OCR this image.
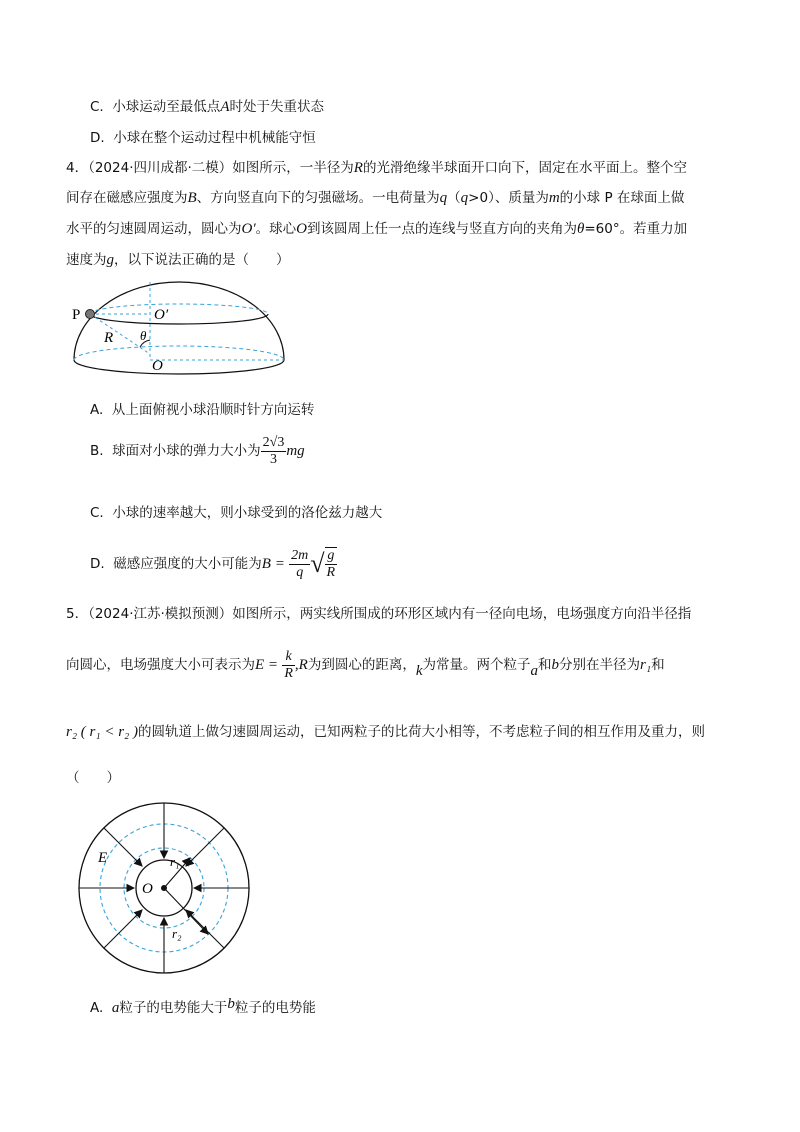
C. 小球运动至最低点A时处于失重状态
D. 小球在整个运动过程中机械能守恒
4．（2024·四川成都·二模）如图所示，一半径为R的光滑绝缘半球面开口向下，固定在水平面上。整个空
间存在磁感应强度为B、方向竖直向下的匀强磁场。一电荷量为q（q>0）、质量为m的小球 P 在球面上做
水平的匀速圆周运动，圆心为O′。球心O到该圆周上任一点的连线与竖直方向的夹角为θ=60°。若重力加
速度为g，以下说法正确的是（　　）
P	O′
R θ
O
A. 从上面俯视小球沿顺时针方向运转
B. 球面对小球的弹力大小为 $\frac{2√3}{3}$ mg
C. 小球的速率越大，则小球受到的洛伦兹力越大
D. 磁感应强度的大小可能为$B = \frac{2m}{q}$ √ $\frac{g}{R}$
5．（2024·江苏·模拟预测）如图所示，两实线所围成的环形区域内有一径向电场，电场强度方向沿半径指
向圆心，电场强度大小可表示为$E = \frac{k}{R} ,R$为到圆心的距离，k为常量。两个粒子a和b分别在半径为r₁和
r₂ ( r₁ < r₂ )的圆轨道上做匀速圆周运动，已知两粒子的比荷大小相等，不考虑粒子间的相互作用及重力，则
（　　）
E
O
r₁
r₂
A. a粒子的电势能大于b粒子的电势能
